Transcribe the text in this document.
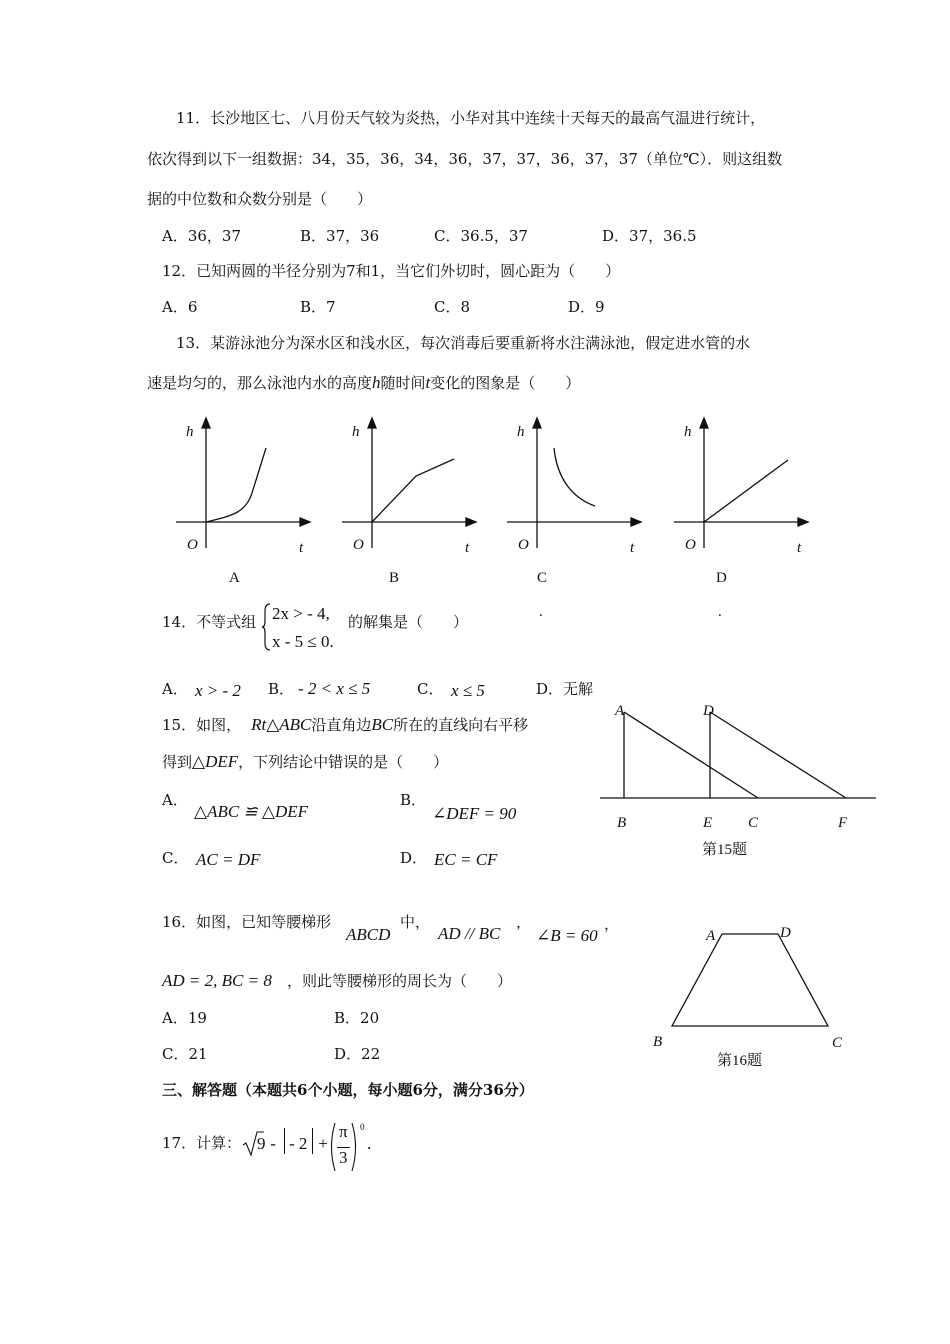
11．长沙地区七、八月份天气较为炎热，小华对其中连续十天每天的最高气温进行统计，
依次得到以下一组数据：34，35，36，34，36，37，37，36，37，37（单位℃）．则这组数
据的中位数和众数分别是（　　）
A．36，37	B．37，36	C．36.5，37	D．37，36.5
12．已知两圆的半径分别为7和1，当它们外切时，圆心距为（　　）
A．6	B．7	C．8	D．9
13．某游泳池分为深水区和浅水区，每次消毒后要重新将水注满泳池，假定进水管的水
速是均匀的，那么泳池内水的高度h随时间t变化的图象是（　　）
h
O	t
A
h
O	t
B
h
O	t
C
.
h
O	t
D
.
14．不等式组 2x > - 4,
x - 5 ≤ 0.
的解集是（　　）
A． x > - 2 B． - 2 < x ≤ 5	C． x ≤ 5	D．无解
15．如图， Rt△ABC沿直角边BC所在的直线向右平移
得到△DEF，下列结论中错误的是（　　）
A．
△ABC ≌ △DEF
B．
∠DEF = 90
C． AC = DF	D． EC = CF
A	D
B	E C	F
第15题
16．如图，已知等腰梯形
ABCD
中，
AD // BC
，
∠B = 60
，
AD = 2, BC = 8 ，则此等腰梯形的周长为（　　）
A．19	B．20
C．21	D．22
A	D
B	C
第16题
三、解答题（本题共6个小题，每小题6分，满分36分）
17．计算： 9 - - 2 +
π
3
0
.
